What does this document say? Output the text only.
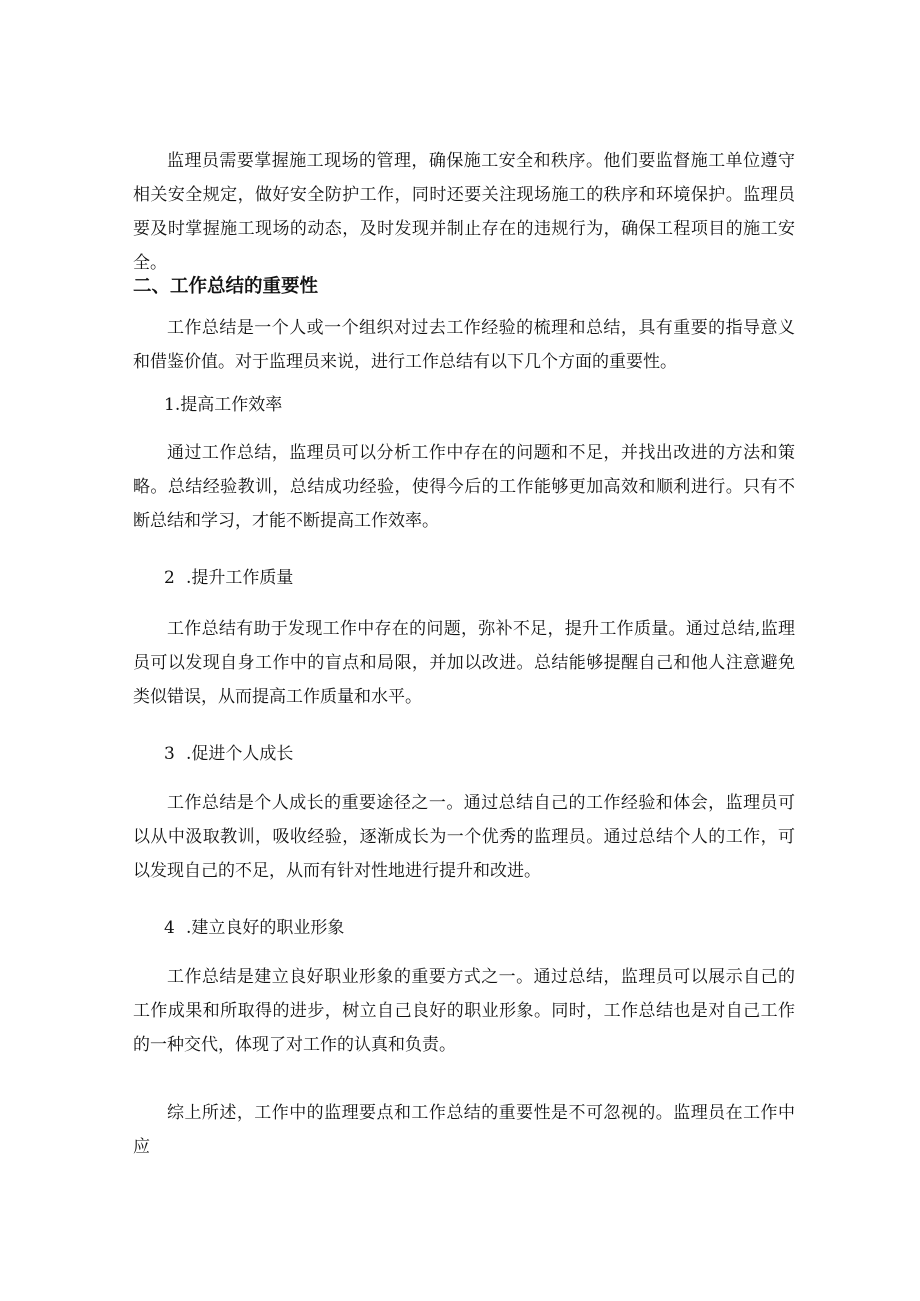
监理员需要掌握施工现场的管理，确保施工安全和秩序。他们要监督施工单位遵守相关安全规定，做好安全防护工作，同时还要关注现场施工的秩序和环境保护。监理员要及时掌握施工现场的动态，及时发现并制止存在的违规行为，确保工程项目的施工安全。

二、工作总结的重要性

工作总结是一个人或一个组织对过去工作经验的梳理和总结，具有重要的指导意义和借鉴价值。对于监理员来说，进行工作总结有以下几个方面的重要性。

1.提高工作效率

通过工作总结，监理员可以分析工作中存在的问题和不足，并找出改进的方法和策略。总结经验教训，总结成功经验，使得今后的工作能够更加高效和顺利进行。只有不断总结和学习，才能不断提高工作效率。

2 .提升工作质量

工作总结有助于发现工作中存在的问题，弥补不足，提升工作质量。通过总结,监理员可以发现自身工作中的盲点和局限，并加以改进。总结能够提醒自己和他人注意避免类似错误，从而提高工作质量和水平。

3 .促进个人成长

工作总结是个人成长的重要途径之一。通过总结自己的工作经验和体会，监理员可以从中汲取教训，吸收经验，逐渐成长为一个优秀的监理员。通过总结个人的工作，可以发现自己的不足，从而有针对性地进行提升和改进。

4 .建立良好的职业形象

工作总结是建立良好职业形象的重要方式之一。通过总结，监理员可以展示自己的工作成果和所取得的进步，树立自己良好的职业形象。同时，工作总结也是对自己工作的一种交代，体现了对工作的认真和负责。

综上所述，工作中的监理要点和工作总结的重要性是不可忽视的。监理员在工作中应
